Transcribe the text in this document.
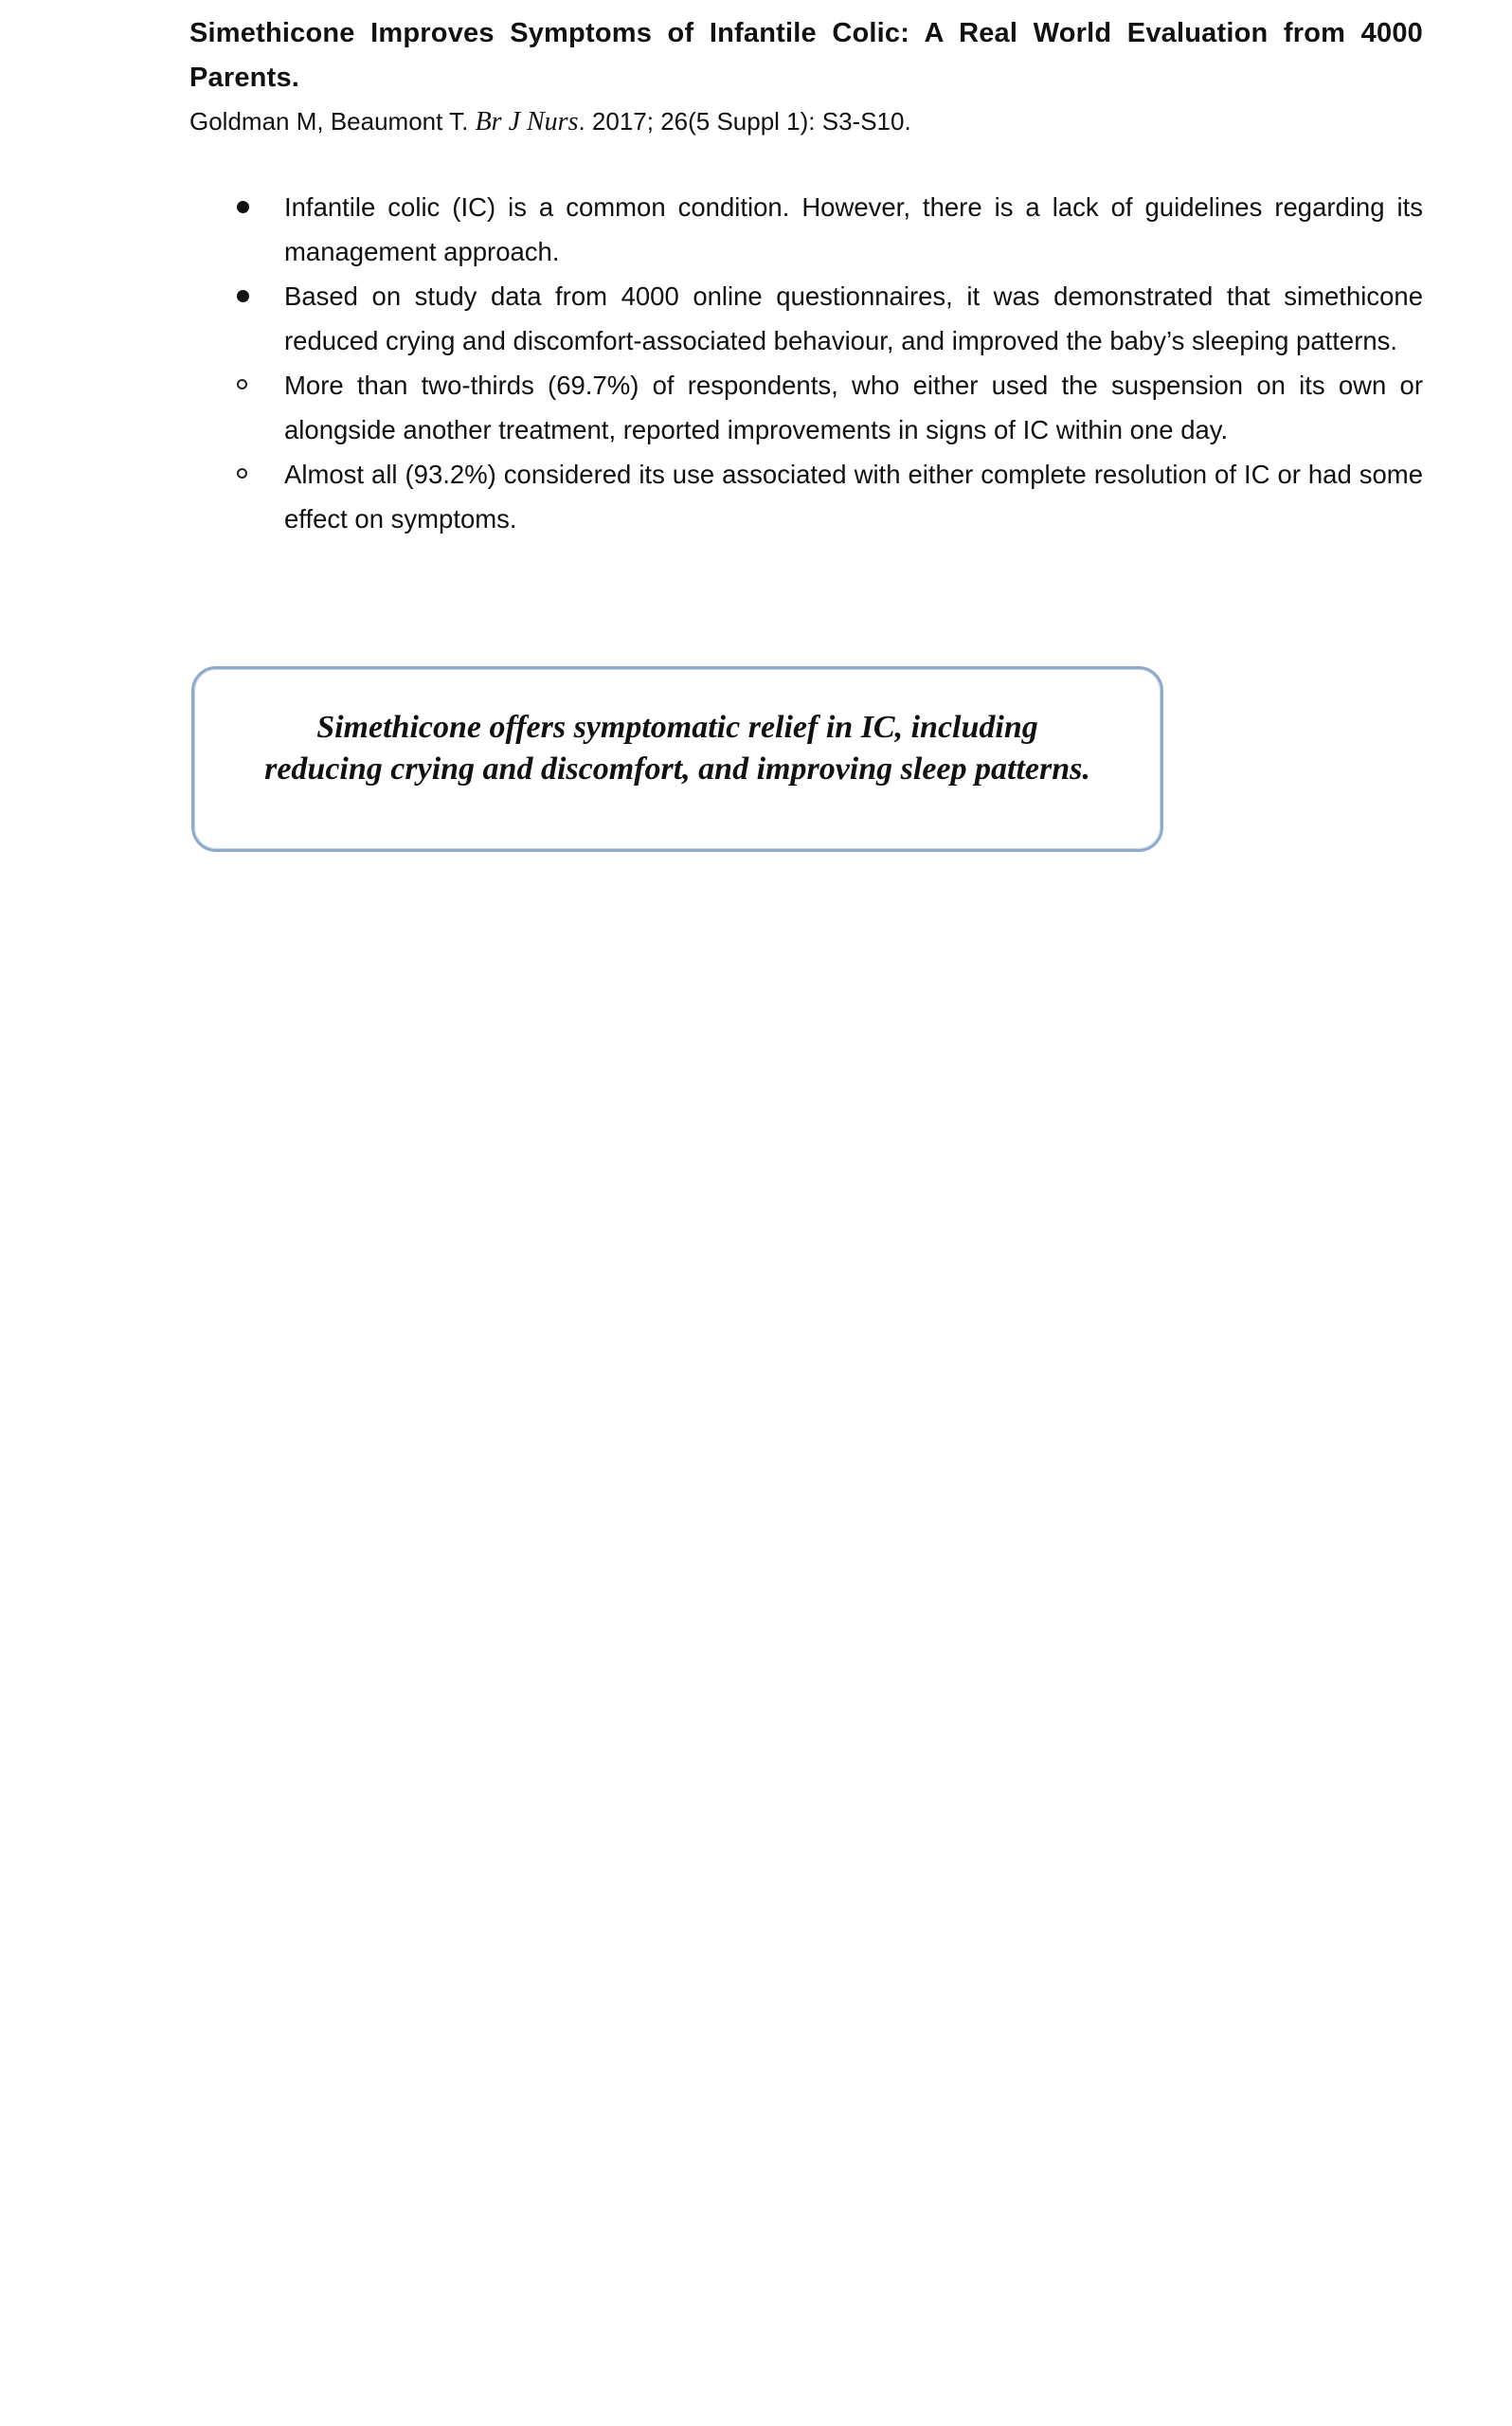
Simethicone Improves Symptoms of Infantile Colic: A Real World Evaluation from 4000 Parents.

Goldman M, Beaumont T. Br J Nurs. 2017; 26(5 Suppl 1): S3-S10.

Infantile colic (IC) is a common condition. However, there is a lack of guidelines regarding its management approach.
Based on study data from 4000 online questionnaires, it was demonstrated that simethicone reduced crying and discomfort-associated behaviour, and improved the baby’s sleeping patterns.
More than two-thirds (69.7%) of respondents, who either used the suspension on its own or alongside another treatment, reported improvements in signs of IC within one day.
Almost all (93.2%) considered its use associated with either complete resolution of IC or had some effect on symptoms.

Simethicone offers symptomatic relief in IC, including
reducing crying and discomfort, and improving sleep patterns.
